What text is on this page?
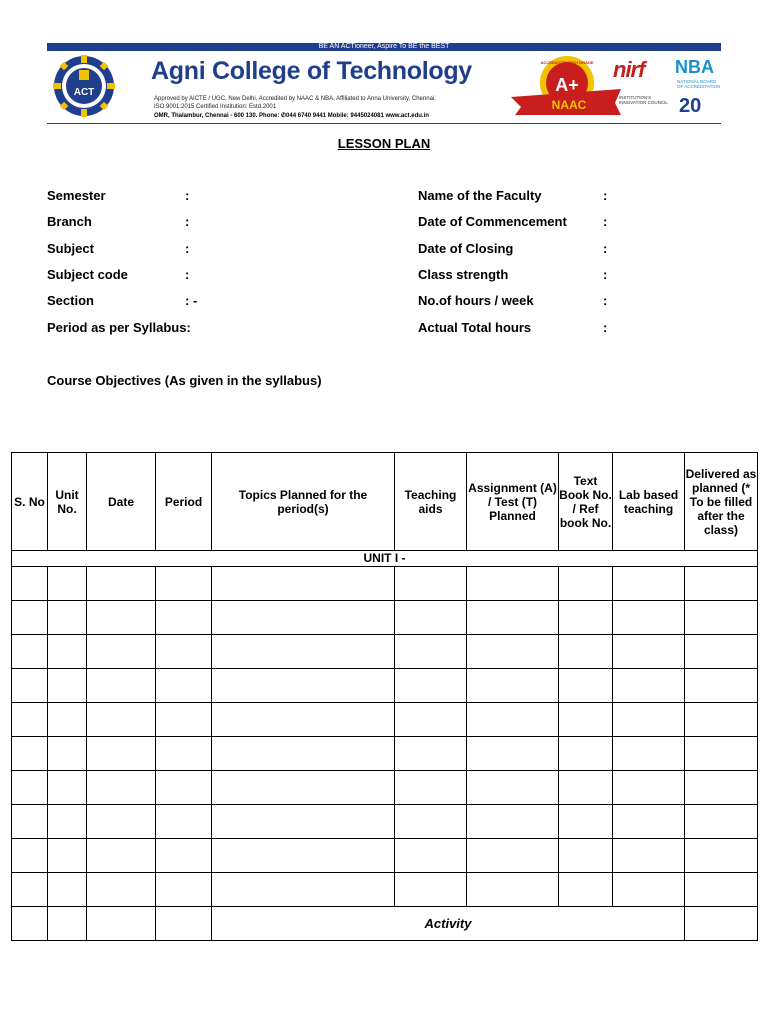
BE AN ACTioneer, Aspire To BE the BEST
ACT
Agni College of Technology
Approved by AICTE / UGC, New Delhi, Accredited by NAAC & NBA, Affiliated to Anna University, Chennai.
ISO 9001:2015 Certified Institution: Estd.2001
OMR, Thalambur, Chennai - 600 130. Phone: ✆044 6740 9441 Mobile: 9445024081 www.act.edu.in
A+
ACCREDITED WITH GRADE
NAAC
nirf
INSTITUTION'S INNOVATION COUNCIL
NBA
NATIONAL BOARD OF ACCREDITATION
20
LESSON PLAN
Semester	:
Branch	:
Subject	:
Subject code	:
Section	: -
Period as per Syllabus:
Name of the Faculty	:
Date of Commencement	:
Date of Closing	:
Class strength	:
No.of hours / week	:
Actual Total hours	:
Course Objectives (As given in the syllabus)
S. No	Unit No.	Date	Period	Topics Planned for the period(s)	Teaching aids	Assignment (A) / Test (T) Planned	Text Book No. / Ref book No.	Lab based teaching	Delivered as planned (* To be filled after the class)
UNIT I -									

				Activity					
